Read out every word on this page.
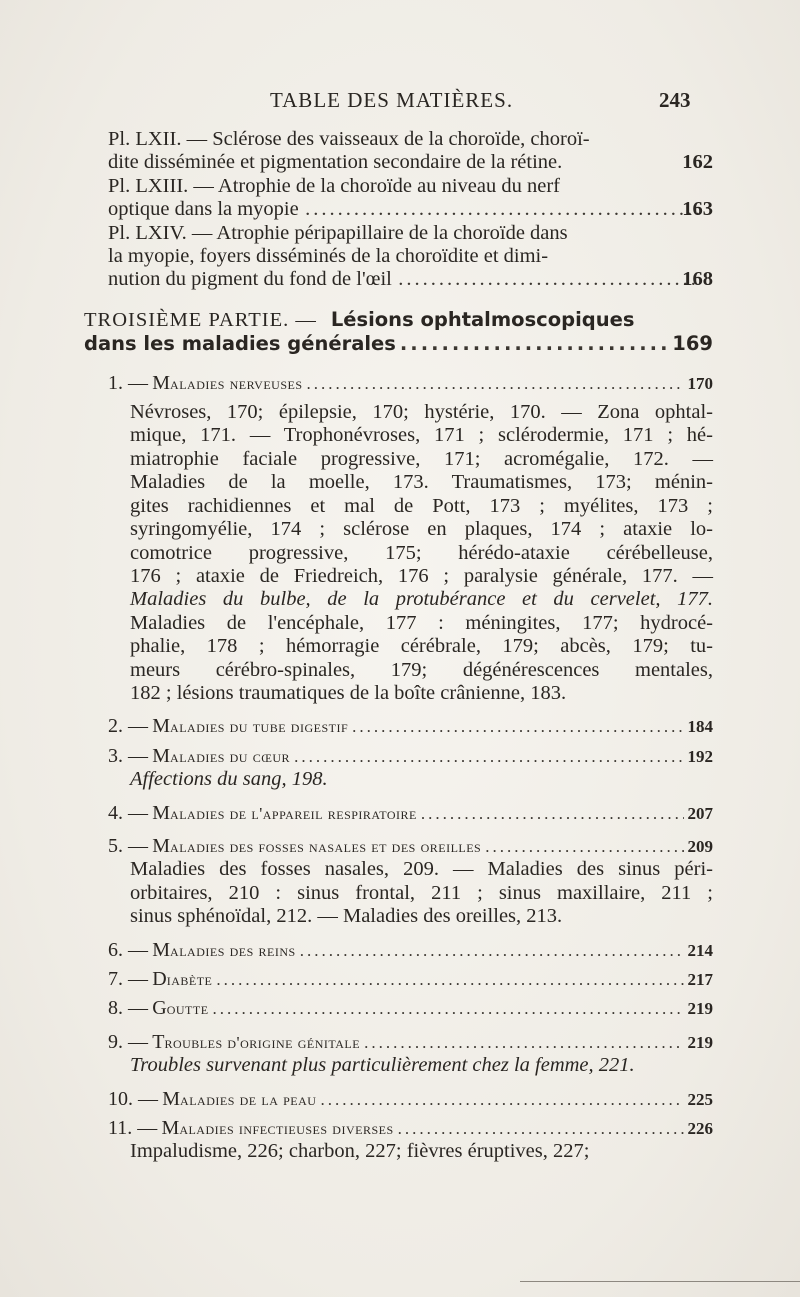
TABLE DES MATIÈRES.	243
Pl. LXII. — Sclérose des vaisseaux de la choroïde, choroï-
dite disséminée et pigmentation secondaire de la rétine.	162
Pl. LXIII. — Atrophie de la choroïde au niveau du nerf
optique dans la myopie .....	163
Pl. LXIV. — Atrophie péripapillaire de la choroïde dans
la myopie, foyers disséminés de la choroïdite et dimi-
nution du pigment du fond de l'œil .....	168
TROISIÈME PARTIE. — Lésions ophtalmoscopiques
dans les maladies générales .....	169
1. — Maladies nerveuses .....	170
Névroses, 170; épilepsie, 170; hystérie, 170. — Zona ophtal-
mique, 171. — Trophonévroses, 171 ; sclérodermie, 171 ; hé-
miatrophie faciale progressive, 171; acromégalie, 172. —
Maladies de la moelle, 173. Traumatismes, 173; ménin-
gites rachidiennes et mal de Pott, 173 ; myélites, 173 ;
syringomyélie, 174 ; sclérose en plaques, 174 ; ataxie lo-
comotrice progressive, 175; hérédo-ataxie cérébelleuse,
176 ; ataxie de Friedreich, 176 ; paralysie générale, 177. —
Maladies du bulbe, de la protubérance et du cervelet, 177.
Maladies de l'encéphale, 177 : méningites, 177; hydrocé-
phalie, 178 ; hémorragie cérébrale, 179; abcès, 179; tu-
meurs cérébro-spinales, 179; dégénérescences mentales,
182 ; lésions traumatiques de la boîte crânienne, 183.
2. — Maladies du tube digestif .....	184
3. — Maladies du cœur .....	192
Affections du sang, 198.
4. — Maladies de l'appareil respiratoire .....	207
5. — Maladies des fosses nasales et des oreilles .....	209
Maladies des fosses nasales, 209. — Maladies des sinus péri-
orbitaires, 210 : sinus frontal, 211 ; sinus maxillaire, 211 ;
sinus sphénoïdal, 212. — Maladies des oreilles, 213.
6. — Maladies des reins .....	214
7. — Diabète .....	217
8. — Goutte .....	219
9. — Troubles d'origine génitale .....	219
Troubles survenant plus particulièrement chez la femme, 221.
10. — Maladies de la peau .....	225
11. — Maladies infectieuses diverses .....	226
Impaludisme, 226; charbon, 227; fièvres éruptives, 227;
